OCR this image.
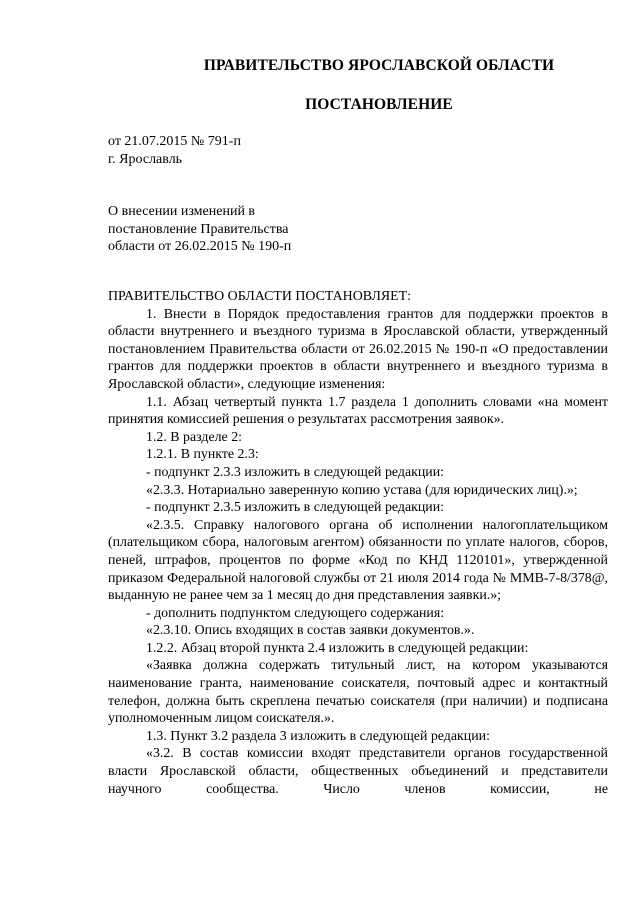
ПРАВИТЕЛЬСТВО ЯРОСЛАВСКОЙ ОБЛАСТИ
ПОСТАНОВЛЕНИЕ
от 21.07.2015 № 791-п
г. Ярославль
О внесении изменений в
постановление Правительства
области от 26.02.2015 № 190-п

ПРАВИТЕЛЬСТВО ОБЛАСТИ ПОСТАНОВЛЯЕТ:

1. Внести в Порядок предоставления грантов для поддержки проектов в области внутреннего и въездного туризма в Ярославской области, утвержденный постановлением Правительства области от 26.02.2015 № 190-п «О предоставлении грантов для поддержки проектов в области внутреннего и въездного туризма в Ярославской области», следующие изменения:

1.1. Абзац четвертый пункта 1.7 раздела 1 дополнить словами «на момент принятия комиссией решения о результатах рассмотрения заявок».

1.2. В разделе 2:

1.2.1. В пункте 2.3:

- подпункт 2.3.3 изложить в следующей редакции:

«2.3.3. Нотариально заверенную копию устава (для юридических лиц).»;

- подпункт 2.3.5 изложить в следующей редакции:

«2.3.5. Справку налогового органа об исполнении налогоплательщиком (плательщиком сбора, налоговым агентом) обязанности по уплате налогов, сборов, пеней, штрафов, процентов по форме «Код по КНД 1120101», утвержденной приказом Федеральной налоговой службы от 21 июля 2014 года № ММВ-7-8/378@, выданную не ранее чем за 1 месяц до дня представления заявки.»;

- дополнить подпунктом следующего содержания:

«2.3.10. Опись входящих в состав заявки документов.».

1.2.2. Абзац второй пункта 2.4 изложить в следующей редакции:

«Заявка должна содержать титульный лист, на котором указываются наименование гранта, наименование соискателя, почтовый адрес и контактный телефон, должна быть скреплена печатью соискателя (при наличии) и подписана уполномоченным лицом соискателя.».

1.3. Пункт 3.2 раздела 3 изложить в следующей редакции:

«3.2. В состав комиссии входят представители органов государственной власти Ярославской области, общественных объединений и представители научного сообщества. Число членов комиссии, не
